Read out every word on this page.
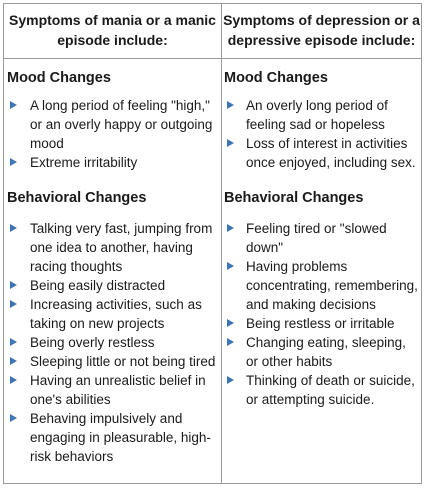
Symptoms of mania or a manic episode include:
Mood Changes
A long period of feeling "high," or an overly happy or outgoing mood
Extreme irritability
Behavioral Changes
Talking very fast, jumping from one idea to another, having racing thoughts
Being easily distracted
Increasing activities, such as taking on new projects
Being overly restless
Sleeping little or not being tired
Having an unrealistic belief in one's abilities
Behaving impulsively and engaging in pleasurable, high-risk behaviors
Symptoms of depression or a depressive episode include:
Mood Changes
An overly long period of feeling sad or hopeless
Loss of interest in activities once enjoyed, including sex.
Behavioral Changes
Feeling tired or "slowed down"
Having problems concentrating, remembering, and making decisions
Being restless or irritable
Changing eating, sleeping, or other habits
Thinking of death or suicide, or attempting suicide.
